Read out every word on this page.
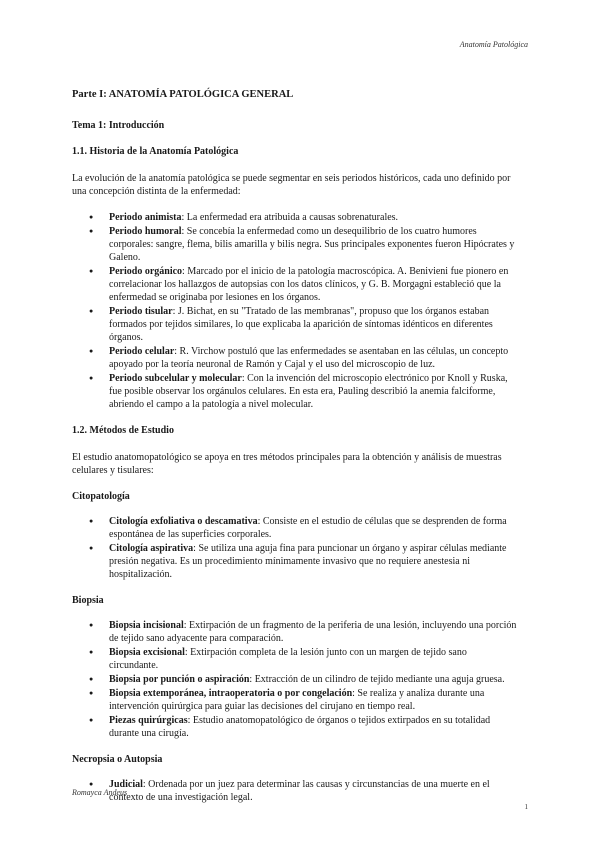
Anatomía Patológica
Parte I: ANATOMÍA PATOLÓGICA GENERAL
Tema 1: Introducción
1.1. Historia de la Anatomía Patológica

La evolución de la anatomía patológica se puede segmentar en seis periodos históricos, cada uno definido por una concepción distinta de la enfermedad:

● Periodo animista: La enfermedad era atribuida a causas sobrenaturales.
● Periodo humoral: Se concebía la enfermedad como un desequilibrio de los cuatro humores corporales: sangre, flema, bilis amarilla y bilis negra. Sus principales exponentes fueron Hipócrates y Galeno.
● Periodo orgánico: Marcado por el inicio de la patología macroscópica. A. Benivieni fue pionero en correlacionar los hallazgos de autopsias con los datos clínicos, y G. B. Morgagni estableció que la enfermedad se originaba por lesiones en los órganos.
● Periodo tisular: J. Bichat, en su "Tratado de las membranas", propuso que los órganos estaban formados por tejidos similares, lo que explicaba la aparición de síntomas idénticos en diferentes órganos.
● Periodo celular: R. Virchow postuló que las enfermedades se asentaban en las células, un concepto apoyado por la teoría neuronal de Ramón y Cajal y el uso del microscopio de luz.
● Periodo subcelular y molecular: Con la invención del microscopio electrónico por Knoll y Ruska, fue posible observar los orgánulos celulares. En esta era, Pauling describió la anemia falciforme, abriendo el campo a la patología a nivel molecular.
1.2. Métodos de Estudio

El estudio anatomopatológico se apoya en tres métodos principales para la obtención y análisis de muestras celulares y tisulares:

Citopatología
● Citología exfoliativa o descamativa: Consiste en el estudio de células que se desprenden de forma espontánea de las superficies corporales.
● Citología aspirativa: Se utiliza una aguja fina para puncionar un órgano y aspirar células mediante presión negativa. Es un procedimiento mínimamente invasivo que no requiere anestesia ni hospitalización.
Biopsia
● Biopsia incisional: Extirpación de un fragmento de la periferia de una lesión, incluyendo una porción de tejido sano adyacente para comparación.
● Biopsia excisional: Extirpación completa de la lesión junto con un margen de tejido sano circundante.
● Biopsia por punción o aspiración: Extracción de un cilindro de tejido mediante una aguja gruesa.
● Biopsia extemporánea, intraoperatoria o por congelación: Se realiza y analiza durante una intervención quirúrgica para guiar las decisiones del cirujano en tiempo real.
● Piezas quirúrgicas: Estudio anatomopatológico de órganos o tejidos extirpados en su totalidad durante una cirugía.
Necropsia o Autopsia
● Judicial: Ordenada por un juez para determinar las causas y circunstancias de una muerte en el contexto de una investigación legal.
Romayca Andeus
1
